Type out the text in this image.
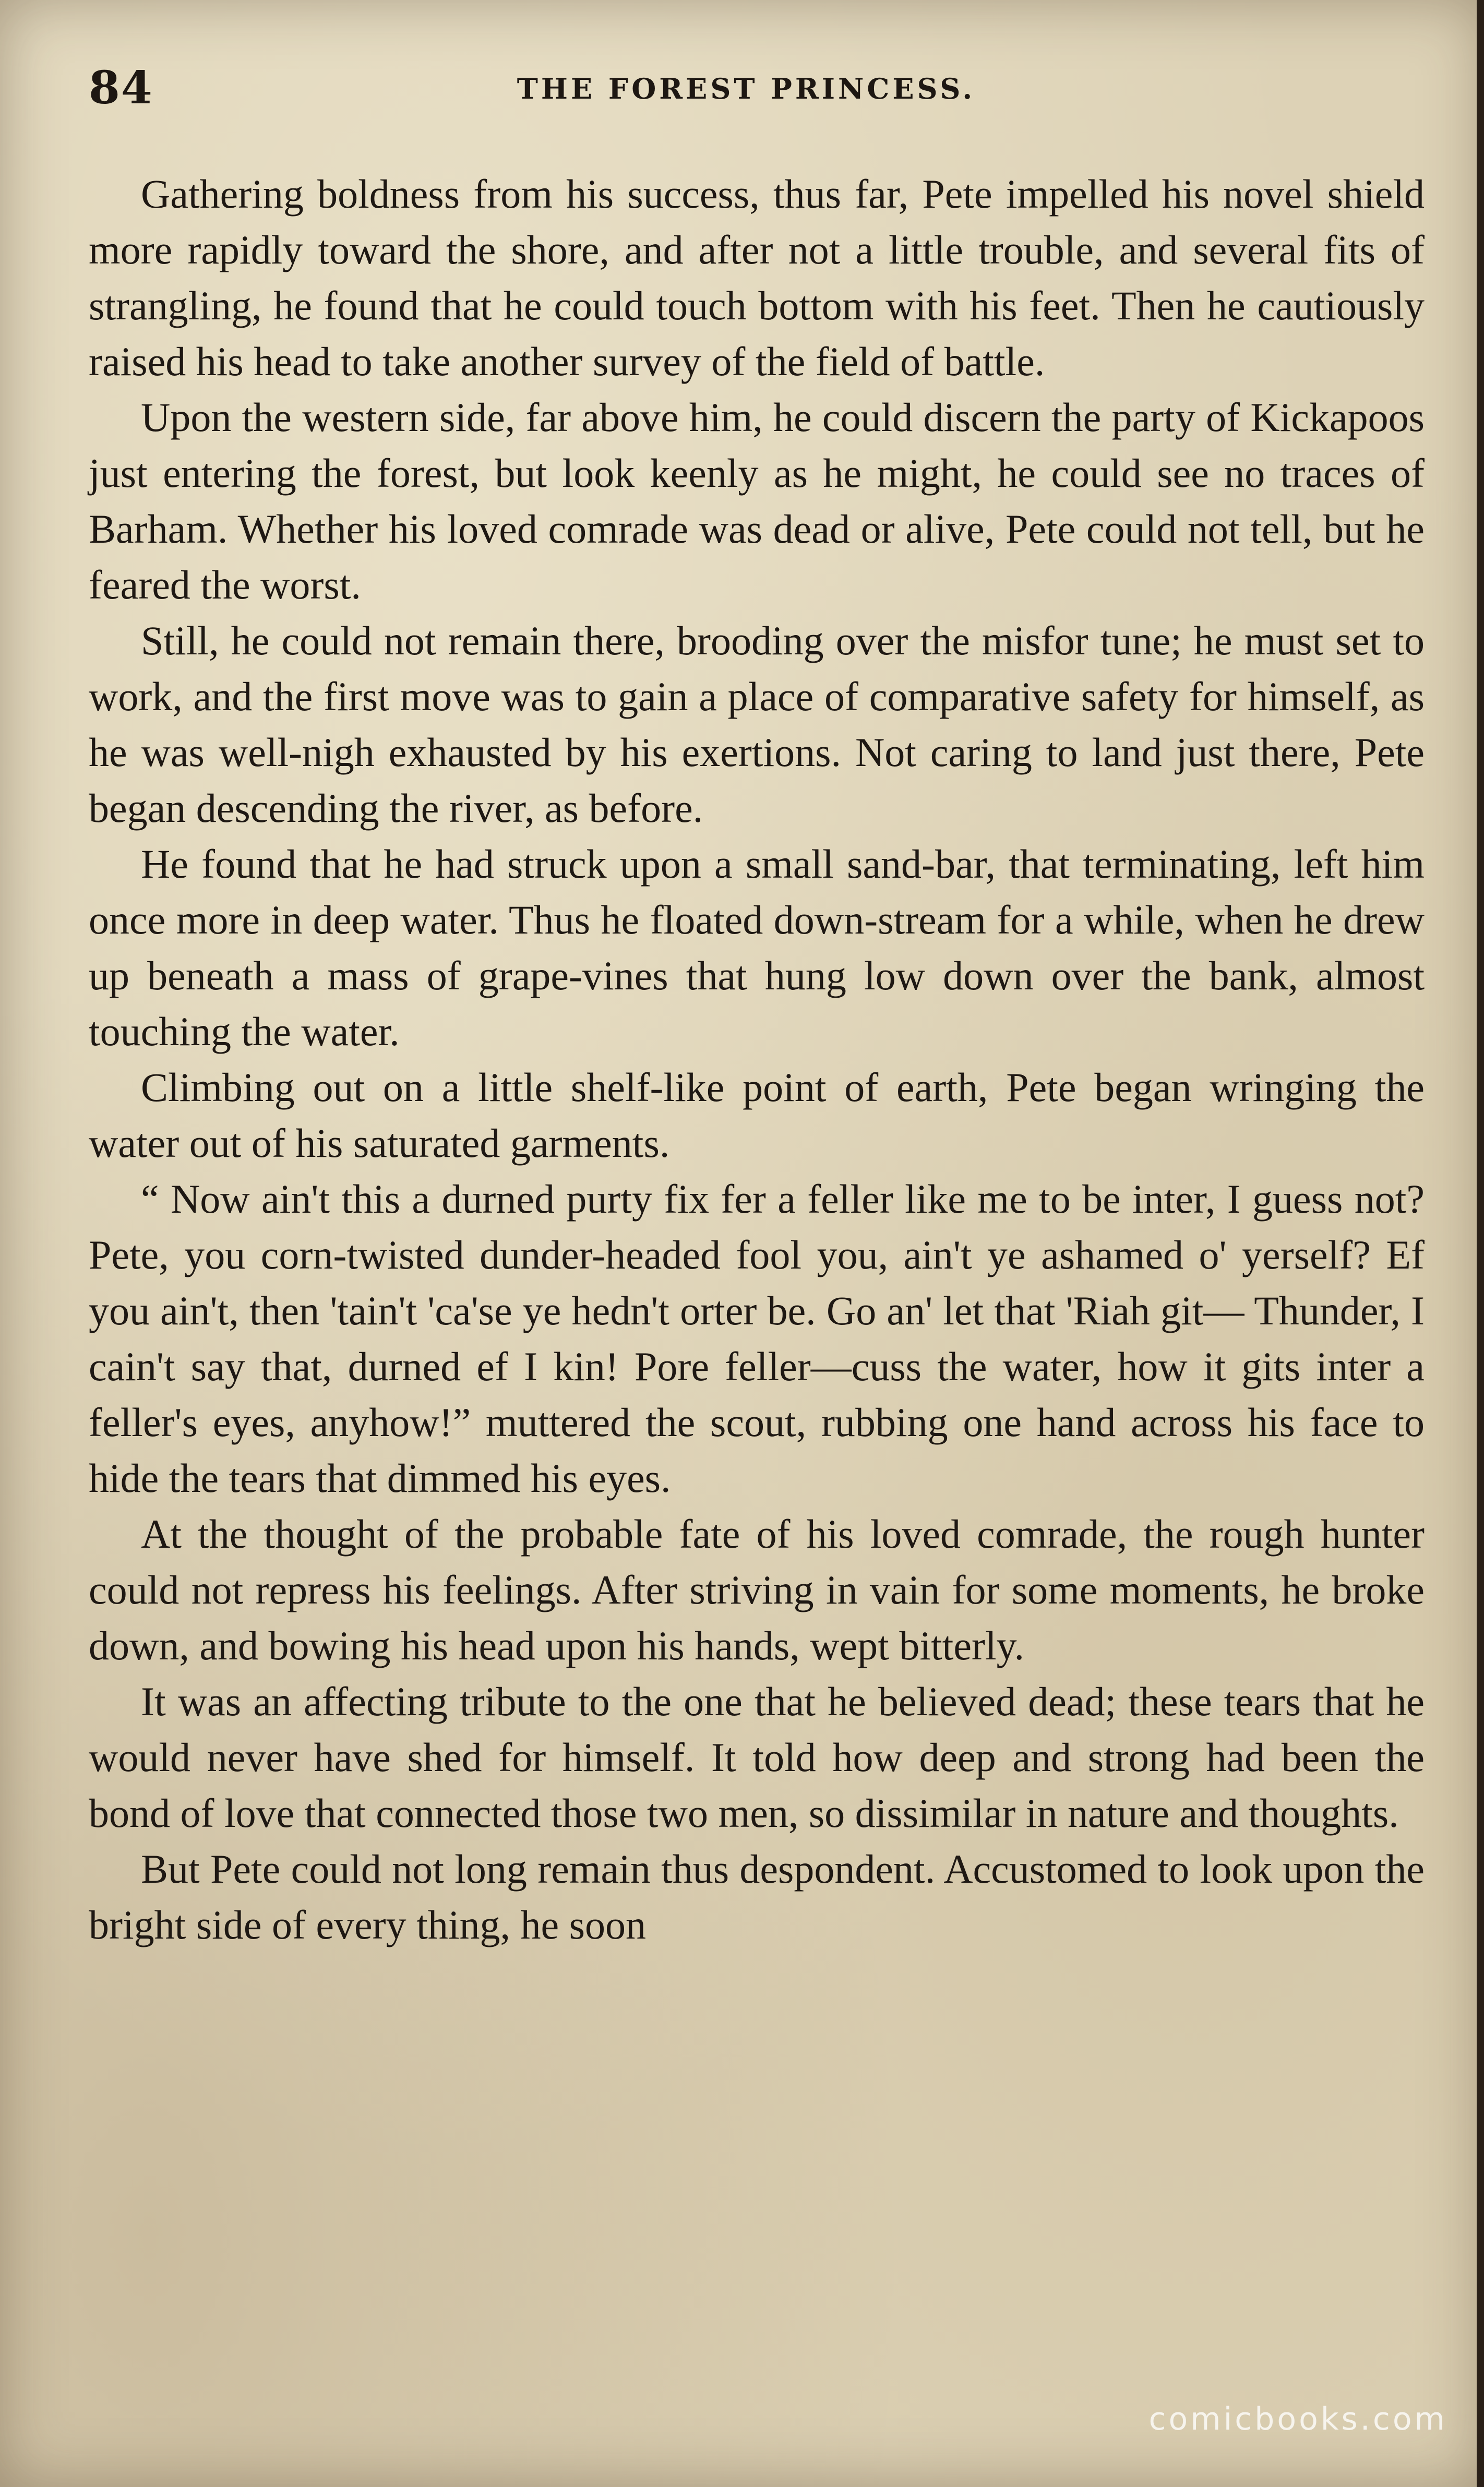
84	THE FOREST PRINCESS.

Gathering boldness from his success, thus far, Pete impelled his novel shield more rapidly toward the shore, and after not a little trouble, and several fits of strangling, he found that he could touch bottom with his feet. Then he cautiously raised his head to take another survey of the field of battle.

Upon the western side, far above him, he could discern the party of Kickapoos just entering the forest, but look keenly as he might, he could see no traces of Barham. Whether his loved comrade was dead or alive, Pete could not tell, but he feared the worst.

Still, he could not remain there, brooding over the misfor tune; he must set to work, and the first move was to gain a place of comparative safety for himself, as he was well-nigh exhausted by his exertions. Not caring to land just there, Pete began descending the river, as before.

He found that he had struck upon a small sand-bar, that terminating, left him once more in deep water. Thus he floated down-stream for a while, when he drew up beneath a mass of grape-vines that hung low down over the bank, almost touching the water.

Climbing out on a little shelf-like point of earth, Pete began wringing the water out of his saturated garments.

“ Now ain't this a durned purty fix fer a feller like me to be inter, I guess not? Pete, you corn-twisted dunder-headed fool you, ain't ye ashamed o' yerself? Ef you ain't, then 'tain't 'ca'se ye hedn't orter be. Go an' let that 'Riah git— Thunder, I cain't say that, durned ef I kin! Pore feller—cuss the water, how it gits inter a feller's eyes, anyhow!” muttered the scout, rubbing one hand across his face to hide the tears that dimmed his eyes.

At the thought of the probable fate of his loved comrade, the rough hunter could not repress his feelings. After striving in vain for some moments, he broke down, and bowing his head upon his hands, wept bitterly.

It was an affecting tribute to the one that he believed dead; these tears that he would never have shed for himself. It told how deep and strong had been the bond of love that connected those two men, so dissimilar in nature and thoughts.

But Pete could not long remain thus despondent. Accustomed to look upon the bright side of every thing, he soon

comicbooks.com
